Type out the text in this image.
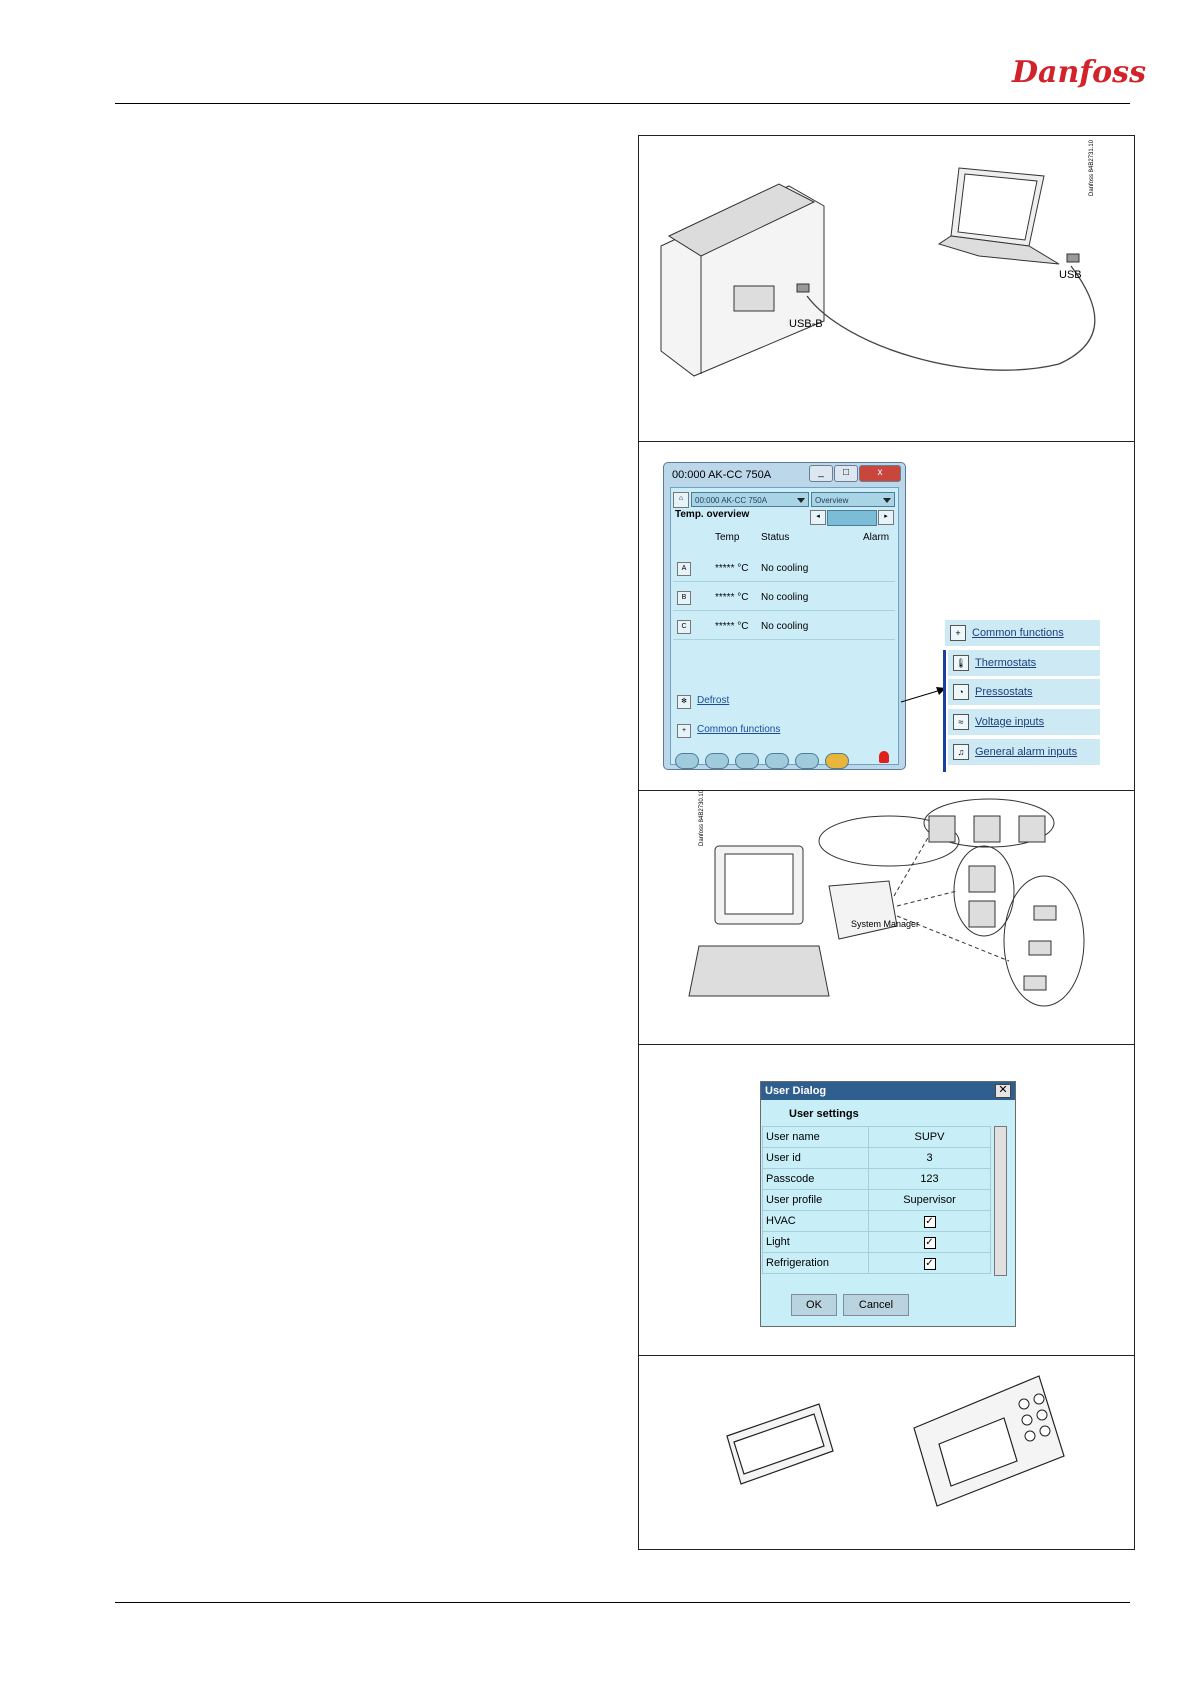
Danfoss
USB-B
USB
Danfoss 84B2731.10
00:000 AK-CC 750A	_	□	x
⌂	00:000 AK-CC 750A	Overview
Temp. overview	◂	▸
Temp Status	Alarm
A	***** °C No cooling
B	***** °C No cooling
C	***** °C No cooling
✻	Defrost
+	Common functions
+	Common functions
🌡 Thermostats
◔	Pressostats
≈	Voltage inputs
♫ General alarm inputs
System Manager
Danfoss 84B2730.10
User Dialog	✕
User settings
User name	SUPV
User id	3
Passcode	123
User profile	Supervisor
HVAC	✓
Light	✓
Refrigeration	✓
OK	Cancel
